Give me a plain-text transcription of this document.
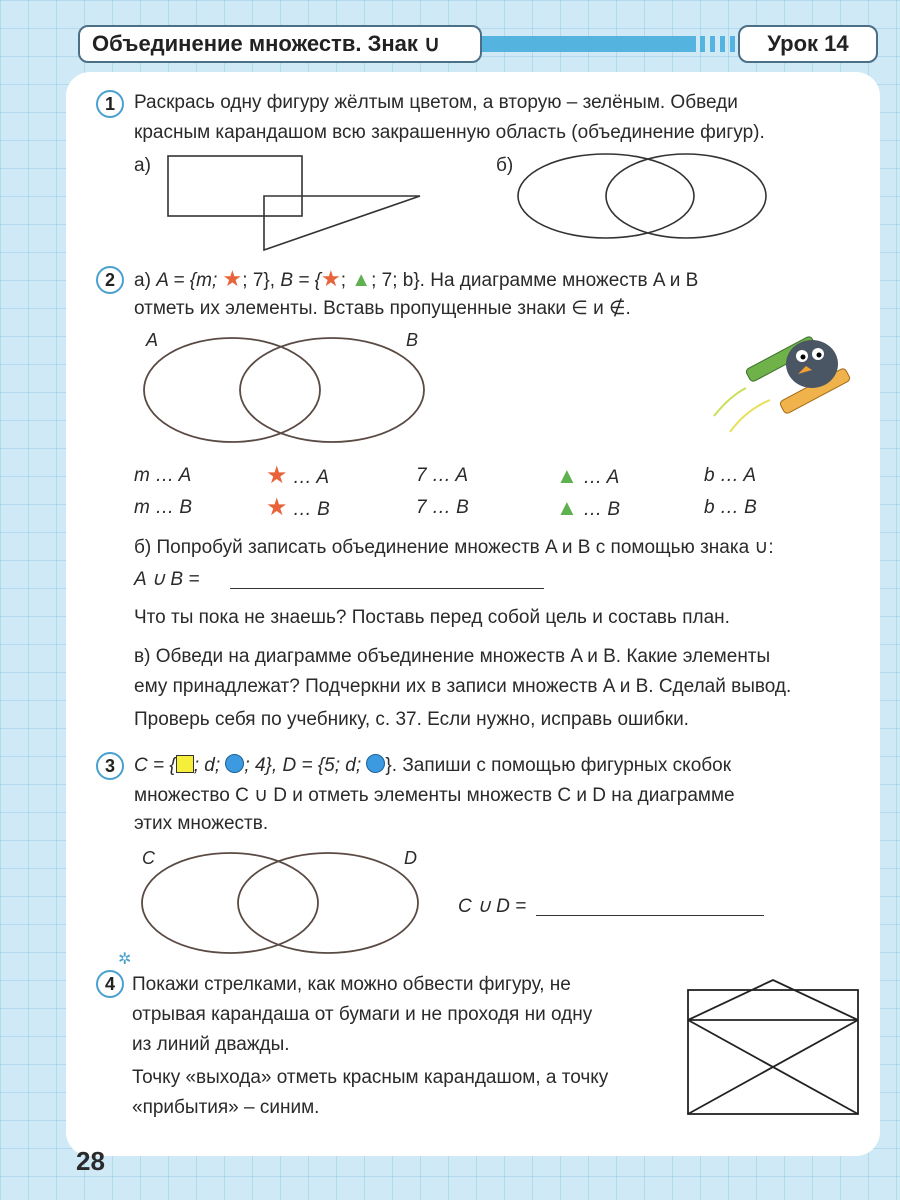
Объединение множеств. Знак ∪	Урок 14
1	Раскрась одну фигуру жёлтым цветом, а вторую – зелёным. Обведи
красным карандашом всю закрашенную область (объединение фигур).
а)	б)
2	а) A = {m; ★; 7}, B = {★; ▲; 7; b}. На диаграмме множеств A и B
отметь их элементы. Вставь пропущенные знаки ∈ и ∉.
A	B
m … A	★ … A	7 … A	▲ … A	b … A
m … B	★ … B	7 … B	▲ … B	b … B
б) Попробуй записать объединение множеств A и B с помощью знака ∪:
A ∪ B =
Что ты пока не знаешь? Поставь перед собой цель и составь план.
в) Обведи на диаграмме объединение множеств A и B. Какие элементы
ему принадлежат? Подчеркни их в записи множеств A и B. Сделай вывод.
Проверь себя по учебнику, с. 37. Если нужно, исправь ошибки.
3	C = { ; d; ; 4}, D = {5; d; }. Запиши с помощью фигурных скобок
множество C ∪ D и отметь элементы множеств C и D на диаграмме
этих множеств.
C	D
C ∪ D =
✲
4 Покажи стрелками, как можно обвести фигуру, не
отрывая карандаша от бумаги и не проходя ни одну
из линий дважды.
Точку «выхода» отметь красным карандашом, а точку
«прибытия» – синим.
28
